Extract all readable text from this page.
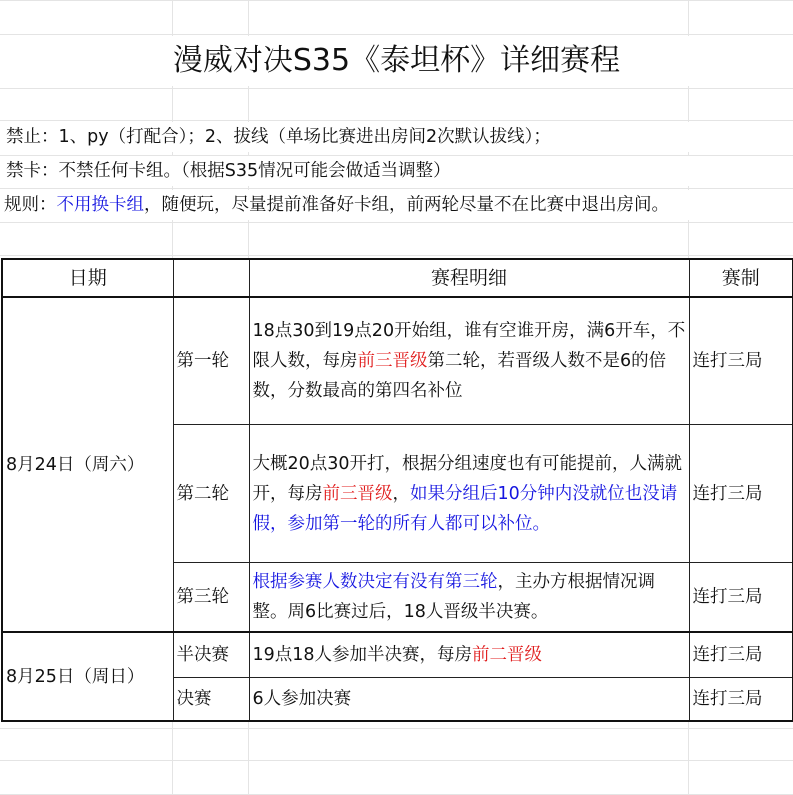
漫威对决S35《泰坦杯》详细赛程
禁止：1、py（打配合）；2、拔线（单场比赛进出房间2次默认拔线）；
禁卡：不禁任何卡组。（根据S35情况可能会做适当调整）
规则：不用换卡组，随便玩，尽量提前准备好卡组，前两轮尽量不在比赛中退出房间。
日期		赛程明细	赛制
8月24日（周六）	第一轮	18点30到19点20开始组，谁有空谁开房，满6开车，不限人数，每房前三晋级第二轮，若晋级人数不是6的倍数，分数最高的第四名补位	连打三局
	第二轮	大概20点30开打，根据分组速度也有可能提前，人满就开，每房前三晋级，如果分组后10分钟内没就位也没请假，参加第一轮的所有人都可以补位。	连打三局
	第三轮	根据参赛人数决定有没有第三轮，主办方根据情况调整。周6比赛过后，18人晋级半决赛。	连打三局
8月25日（周日）	半决赛	19点18人参加半决赛，每房前二晋级	连打三局
	决赛	6人参加决赛	连打三局
